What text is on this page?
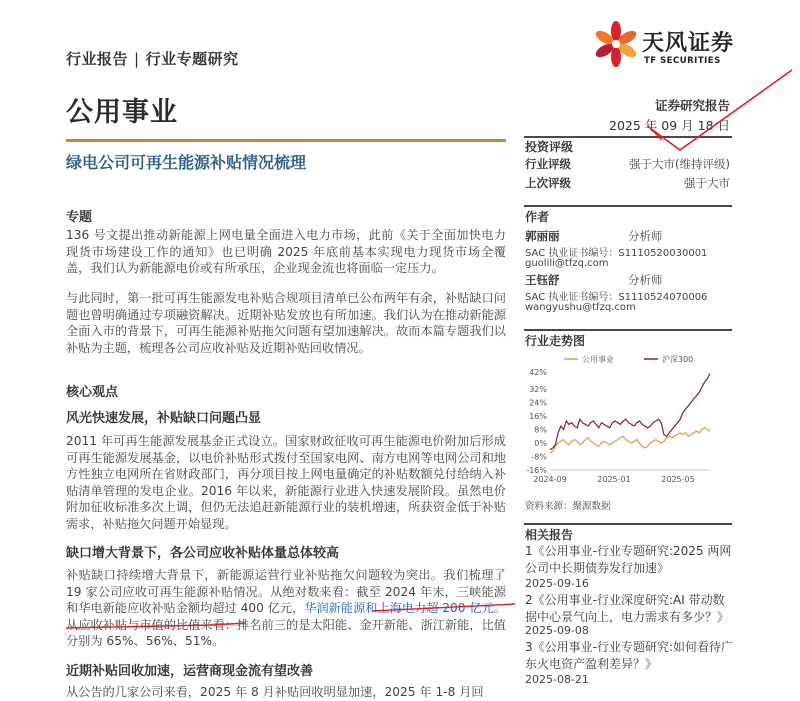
行业报告 | 行业专题研究
天风证券
TF SECURITIES
公用事业
绿电公司可再生能源补贴情况梳理
证券研究报告
2025 年 09 月 18 日
投资评级
行业评级	强于大市(维持评级)
上次评级	强于大市
作者
郭丽丽	分析师
SAC 执业证书编号：S1110520030001
guolili@tfzq.com
王钰舒	分析师
SAC 执业证书编号：S1110524070006
wangyushu@tfzq.com
行业走势图
公用事业	沪深300
-16%
-8%
0%
8%
16%
24%
32%
42%
2024-09	2025-01	2025-05
资料来源：聚源数据
相关报告
1《公用事业-行业专题研究:2025 两网公司中长期债券发行加速》
2025-09-16
2《公用事业-行业深度研究:AI 带动数据中心景气向上，电力需求有多少？》
2025-09-08
3《公用事业-行业专题研究:如何看待广东火电资产盈利差异？》
2025-08-21
专题
136 号文提出推动新能源上网电量全面进入电力市场，此前《关于全面加快电力现货市场建设工作的通知》也已明确 2025 年底前基本实现电力现货市场全覆盖，我们认为新能源电价或有所承压，企业现金流也将面临一定压力。
与此同时，第一批可再生能源发电补贴合规项目清单已公布两年有余，补贴缺口问题也曾明确通过专项融资解决。近期补贴发放也有所加速。我们认为在推动新能源全面入市的背景下，可再生能源补贴拖欠问题有望加速解决。故而本篇专题我们以补贴为主题，梳理各公司应收补贴及近期补贴回收情况。
核心观点
风光快速发展，补贴缺口问题凸显
2011 年可再生能源发展基金正式设立。国家财政征收可再生能源电价附加后形成可再生能源发展基金，以电价补贴形式拨付至国家电网、南方电网等电网公司和地方性独立电网所在省财政部门，再分项目按上网电量确定的补贴数额兑付给纳入补贴清单管理的发电企业。2016 年以来，新能源行业进入快速发展阶段。虽然电价附加征收标准多次上调，但仍无法追赶新能源行业的装机增速，所获资金低于补贴需求，补贴拖欠问题开始显现。
缺口增大背景下，各公司应收补贴体量总体较高
补贴缺口持续增大背景下，新能源运营行业补贴拖欠问题较为突出。我们梳理了 19 家公司应收可再生能源补贴情况。从绝对数来看：截至 2024 年末，三峡能源和华电新能应收补贴金额均超过 400 亿元，华润新能源和上海电力超 200 亿元。从应收补贴与市值的比值来看：排名前三的是太阳能、金开新能、浙江新能，比值分别为 65%、56%、51%。
近期补贴回收加速，运营商现金流有望改善
从公告的几家公司来看，2025 年 8 月补贴回收明显加速，2025 年 1-8 月回
